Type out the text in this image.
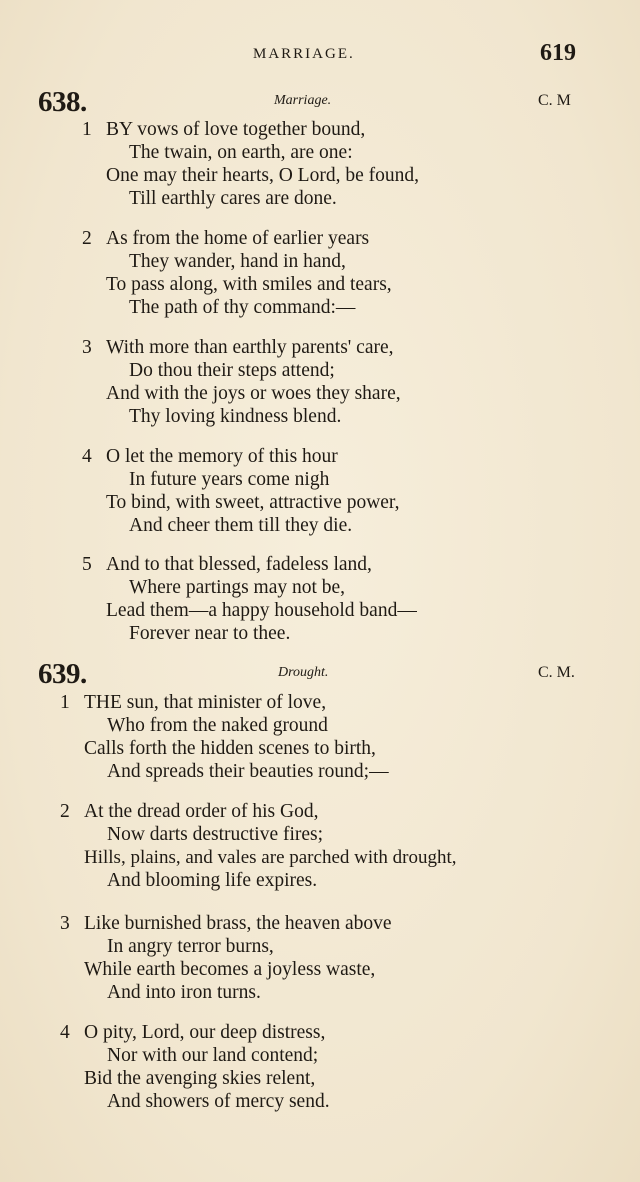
MARRIAGE.	619
638.	Marriage.	C. M
1 BY vows of love together bound,
The twain, on earth, are one:
One may their hearts, O Lord, be found,
Till earthly cares are done.
2 As from the home of earlier years
They wander, hand in hand,
To pass along, with smiles and tears,
The path of thy command:—
3 With more than earthly parents' care,
Do thou their steps attend;
And with the joys or woes they share,
Thy loving kindness blend.
4 O let the memory of this hour
In future years come nigh
To bind, with sweet, attractive power,
And cheer them till they die.
5 And to that blessed, fadeless land,
Where partings may not be,
Lead them—a happy household band—
Forever near to thee.
639.	Drought.	C. M.
1 THE sun, that minister of love,
Who from the naked ground
Calls forth the hidden scenes to birth,
And spreads their beauties round;—
2 At the dread order of his God,
Now darts destructive fires;
Hills, plains, and vales are parched with drought,
And blooming life expires.
3 Like burnished brass, the heaven above
In angry terror burns,
While earth becomes a joyless waste,
And into iron turns.
4 O pity, Lord, our deep distress,
Nor with our land contend;
Bid the avenging skies relent,
And showers of mercy send.
